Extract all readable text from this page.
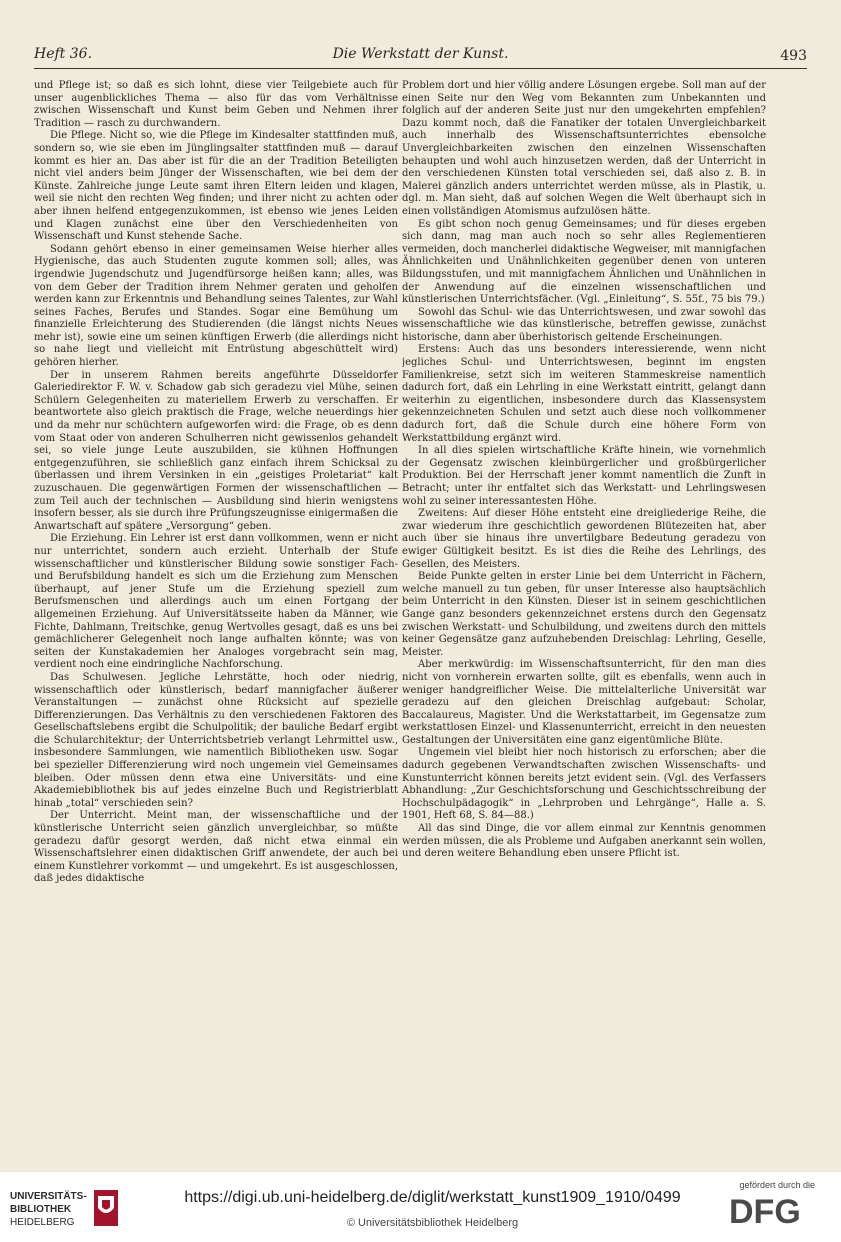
Heft 36.	Die Werkstatt der Kunst.	493

und Pflege ist; so daß es sich lohnt, diese vier Teilgebiete auch für unser augenblickliches Thema — also für das vom Verhältnisse zwischen Wissenschaft und Kunst beim Geben und Nehmen ihrer Tradition — rasch zu durchwandern.

Die Pflege. Nicht so, wie die Pflege im Kindesalter stattfinden muß, sondern so, wie sie eben im Jünglingsalter stattfinden muß — darauf kommt es hier an. Das aber ist für die an der Tradition Beteiligten nicht viel anders beim Jünger der Wissenschaften, wie bei dem der Künste. Zahlreiche junge Leute samt ihren Eltern leiden und klagen, weil sie nicht den rechten Weg finden; und ihrer nicht zu achten oder aber ihnen helfend entgegenzukommen, ist ebenso wie jenes Leiden und Klagen zunächst eine über den Verschiedenheiten von Wissenschaft und Kunst stehende Sache.

Sodann gehört ebenso in einer gemeinsamen Weise hierher alles Hygienische, das auch Studenten zugute kommen soll; alles, was irgendwie Jugendschutz und Jugendfürsorge heißen kann; alles, was von dem Geber der Tradition ihrem Nehmer geraten und geholfen werden kann zur Erkenntnis und Behandlung seines Talentes, zur Wahl seines Faches, Berufes und Standes. Sogar eine Bemühung um finanzielle Erleichterung des Studierenden (die längst nichts Neues mehr ist), sowie eine um seinen künftigen Erwerb (die allerdings nicht so nahe liegt und vielleicht mit Entrüstung abgeschüttelt wird) gehören hierher.

Der in unserem Rahmen bereits angeführte Düsseldorfer Galeriedirektor F. W. v. Schadow gab sich geradezu viel Mühe, seinen Schülern Gelegenheiten zu materiellem Erwerb zu verschaffen. Er beantwortete also gleich praktisch die Frage, welche neuerdings hier und da mehr nur schüchtern aufgeworfen wird: die Frage, ob es denn vom Staat oder von anderen Schulherren nicht gewissenlos gehandelt sei, so viele junge Leute auszubilden, sie kühnen Hoffnungen entgegenzuführen, sie schließlich ganz einfach ihrem Schicksal zu überlassen und ihrem Versinken in ein „geistiges Proletariat“ kalt zuzuschauen. Die gegenwärtigen Formen der wissenschaftlichen — zum Teil auch der technischen — Ausbildung sind hierin wenigstens insofern besser, als sie durch ihre Prüfungszeugnisse einigermaßen die Anwartschaft auf spätere „Versorgung“ geben.

Die Erziehung. Ein Lehrer ist erst dann vollkommen, wenn er nicht nur unterrichtet, sondern auch erzieht. Unterhalb der Stufe wissenschaftlicher und künstlerischer Bildung sowie sonstiger Fach- und Berufsbildung handelt es sich um die Erziehung zum Menschen überhaupt, auf jener Stufe um die Erziehung speziell zum Berufsmenschen und allerdings auch um einen Fortgang der allgemeinen Erziehung. Auf Universitätsseite haben da Männer, wie Fichte, Dahlmann, Treitschke, genug Wertvolles gesagt, daß es uns bei gemächlicherer Gelegenheit noch lange aufhalten könnte; was von seiten der Kunstakademien her Analoges vorgebracht sein mag, verdient noch eine eindringliche Nachforschung.

Das Schulwesen. Jegliche Lehrstätte, hoch oder niedrig, wissenschaftlich oder künstlerisch, bedarf mannigfacher äußerer Veranstaltungen — zunächst ohne Rücksicht auf spezielle Differenzierungen. Das Verhältnis zu den verschiedenen Faktoren des Gesellschaftslebens ergibt die Schulpolitik; der bauliche Bedarf ergibt die Schularchitektur; der Unterrichtsbetrieb verlangt Lehrmittel usw., insbesondere Sammlungen, wie namentlich Bibliotheken usw. Sogar bei spezieller Differenzierung wird noch ungemein viel Gemeinsames bleiben. Oder müssen denn etwa eine Universitäts- und eine Akademiebibliothek bis auf jedes einzelne Buch und Registrierblatt hinab „total“ verschieden sein?

Der Unterricht. Meint man, der wissenschaftliche und der künstlerische Unterricht seien gänzlich unvergleichbar, so müßte geradezu dafür gesorgt werden, daß nicht etwa einmal ein Wissenschaftslehrer einen didaktischen Griff anwendete, der auch bei einem Kunstlehrer vorkommt — und umgekehrt. Es ist ausgeschlossen, daß jedes didaktische

Problem dort und hier völlig andere Lösungen ergebe. Soll man auf der einen Seite nur den Weg vom Bekannten zum Unbekannten und folglich auf der anderen Seite just nur den umgekehrten empfehlen? Dazu kommt noch, daß die Fanatiker der totalen Unvergleichbarkeit auch innerhalb des Wissenschaftsunterrichtes ebensolche Unvergleichbarkeiten zwischen den einzelnen Wissenschaften behaupten und wohl auch hinzusetzen werden, daß der Unterricht in den verschiedenen Künsten total verschieden sei, daß also z. B. in Malerei gänzlich anders unterrichtet werden müsse, als in Plastik, u. dgl. m. Man sieht, daß auf solchen Wegen die Welt überhaupt sich in einen vollständigen Atomismus aufzulösen hätte.

Es gibt schon noch genug Gemeinsames; und für dieses ergeben sich dann, mag man auch noch so sehr alles Reglementieren vermeiden, doch mancherlei didaktische Wegweiser, mit mannigfachen Ähnlichkeiten und Unähnlichkeiten gegenüber denen von unteren Bildungsstufen, und mit mannigfachem Ähnlichen und Unähnlichen in der Anwendung auf die einzelnen wissenschaftlichen und künstlerischen Unterrichtsfächer. (Vgl. „Einleitung“, S. 55f., 75 bis 79.)

Sowohl das Schul- wie das Unterrichtswesen, und zwar sowohl das wissenschaftliche wie das künstlerische, betreffen gewisse, zunächst historische, dann aber überhistorisch geltende Erscheinungen.

Erstens: Auch das uns besonders interessierende, wenn nicht jegliches Schul- und Unterrichtswesen, beginnt im engsten Familienkreise, setzt sich im weiteren Stammeskreise namentlich dadurch fort, daß ein Lehrling in eine Werkstatt eintritt, gelangt dann weiterhin zu eigentlichen, insbesondere durch das Klassensystem gekennzeichneten Schulen und setzt auch diese noch vollkommener dadurch fort, daß die Schule durch eine höhere Form von Werkstattbildung ergänzt wird.

In all dies spielen wirtschaftliche Kräfte hinein, wie vornehmlich der Gegensatz zwischen kleinbürgerlicher und großbürgerlicher Produktion. Bei der Herrschaft jener kommt namentlich die Zunft in Betracht; unter ihr entfaltet sich das Werkstatt- und Lehrlingswesen wohl zu seiner interessantesten Höhe.

Zweitens: Auf dieser Höhe entsteht eine dreigliederige Reihe, die zwar wiederum ihre geschichtlich gewordenen Blütezeiten hat, aber auch über sie hinaus ihre unvertilgbare Bedeutung geradezu von ewiger Gültigkeit besitzt. Es ist dies die Reihe des Lehrlings, des Gesellen, des Meisters.

Beide Punkte gelten in erster Linie bei dem Unterricht in Fächern, welche manuell zu tun geben, für unser Interesse also hauptsächlich beim Unterricht in den Künsten. Dieser ist in seinem geschichtlichen Gange ganz besonders gekennzeichnet erstens durch den Gegensatz zwischen Werkstatt- und Schulbildung, und zweitens durch den mittels keiner Gegensätze ganz aufzuhebenden Dreischlag: Lehrling, Geselle, Meister.

Aber merkwürdig: im Wissenschaftsunterricht, für den man dies nicht von vornherein erwarten sollte, gilt es ebenfalls, wenn auch in weniger handgreiflicher Weise. Die mittelalterliche Universität war geradezu auf den gleichen Dreischlag aufgebaut: Scholar, Baccalaureus, Magister. Und die Werkstattarbeit, im Gegensatze zum werkstattlosen Einzel- und Klassenunterricht, erreicht in den neuesten Gestaltungen der Universitäten eine ganz eigentümliche Blüte.

Ungemein viel bleibt hier noch historisch zu erforschen; aber die dadurch gegebenen Verwandtschaften zwischen Wissenschafts- und Kunstunterricht können bereits jetzt evident sein. (Vgl. des Verfassers Abhandlung: „Zur Geschichtsforschung und Geschichtsschreibung der Hochschulpädagogik“ in „Lehrproben und Lehrgänge“, Halle a. S. 1901, Heft 68, S. 84—88.)

All das sind Dinge, die vor allem einmal zur Kenntnis genommen werden müssen, die als Probleme und Aufgaben anerkannt sein wollen, und deren weitere Behandlung eben unsere Pflicht ist.

UNIVERSITÄTS-
BIBLIOTHEK
HEIDELBERG
https://digi.ub.uni-heidelberg.de/diglit/werkstatt_kunst1909_1910/0499
© Universitätsbibliothek Heidelberg
gefördert durch die
DFG
